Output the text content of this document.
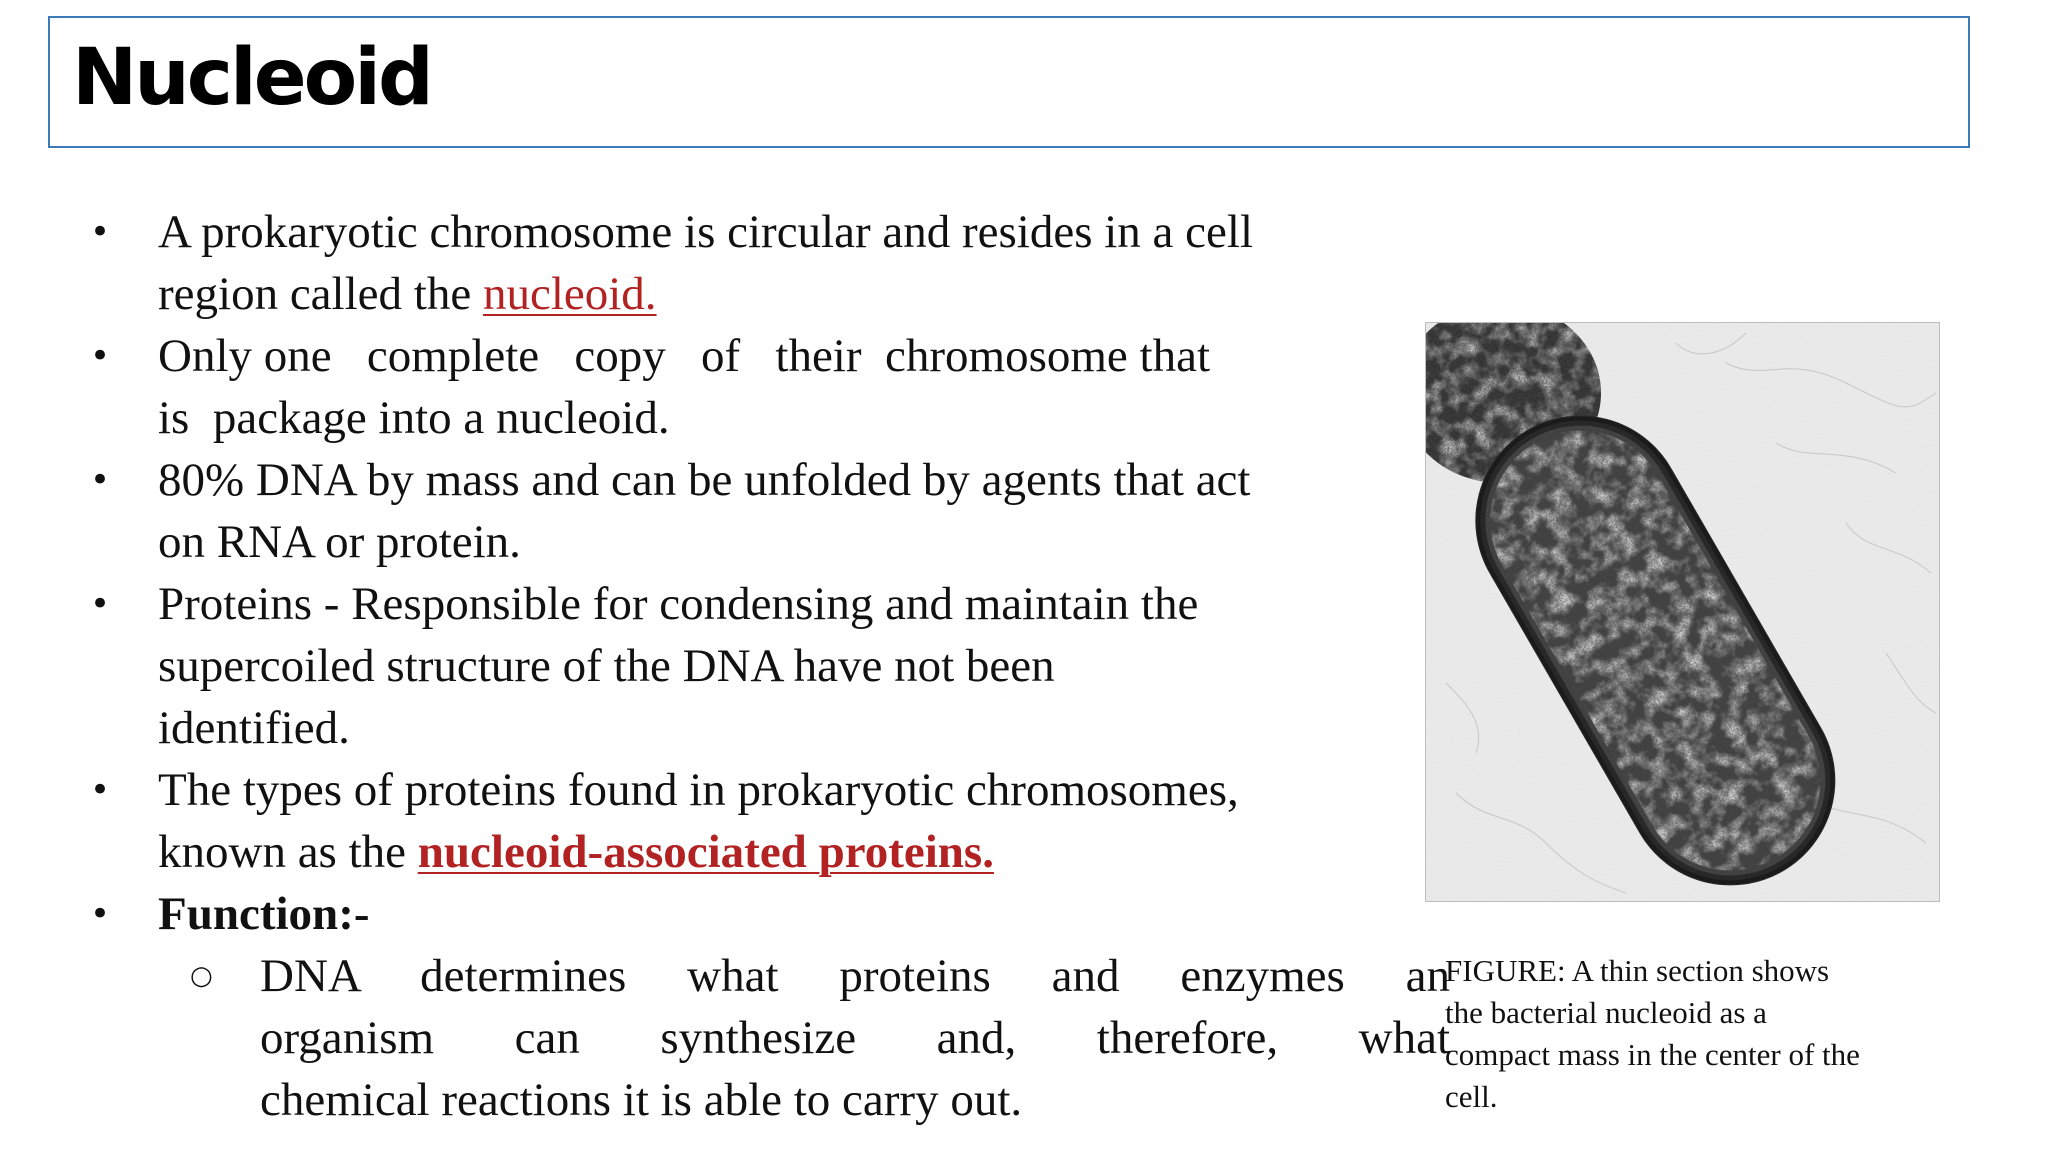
Nucleoid
• A prokaryotic chromosome is circular and resides in a cell
region called the nucleoid.
• Only one   complete   copy   of   their  chromosome that
is  package into a nucleoid.
• 80% DNA by mass and can be unfolded by agents that act
on RNA or protein.
• Proteins - Responsible for condensing and maintain the
supercoiled structure of the DNA have not been
identified.
• The types of proteins found in prokaryotic chromosomes,
known as the nucleoid-associated proteins.
• Function:-
○ DNA determines what proteins and enzymes an
organism can synthesize and, therefore, what
chemical reactions it is able to carry out.
FIGURE: A thin section shows
the bacterial nucleoid as a
compact mass in the center of the
cell.
